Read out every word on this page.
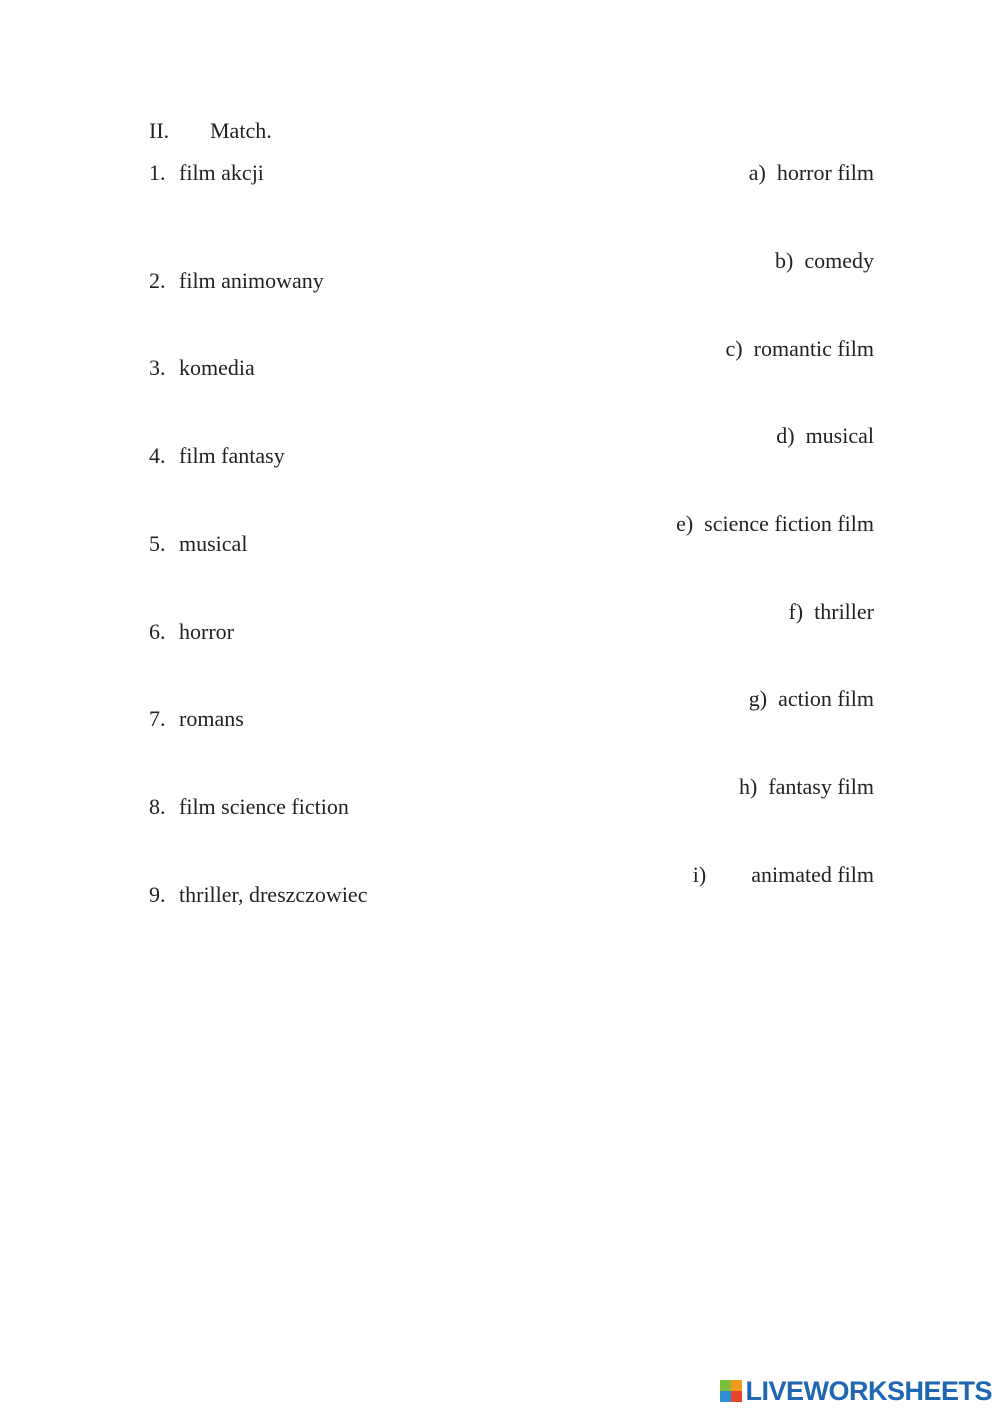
II. Match.
1. film akcji
2. film animowany
3. komedia
4. film fantasy
5. musical
6. horror
7. romans
8. film science fiction
9. thriller, dreszczowiec
a) horror film
b) comedy
c) romantic film
d) musical
e) science fiction film
f) thriller
g) action film
h) fantasy film
i) animated film
LIVEWORKSHEETS
